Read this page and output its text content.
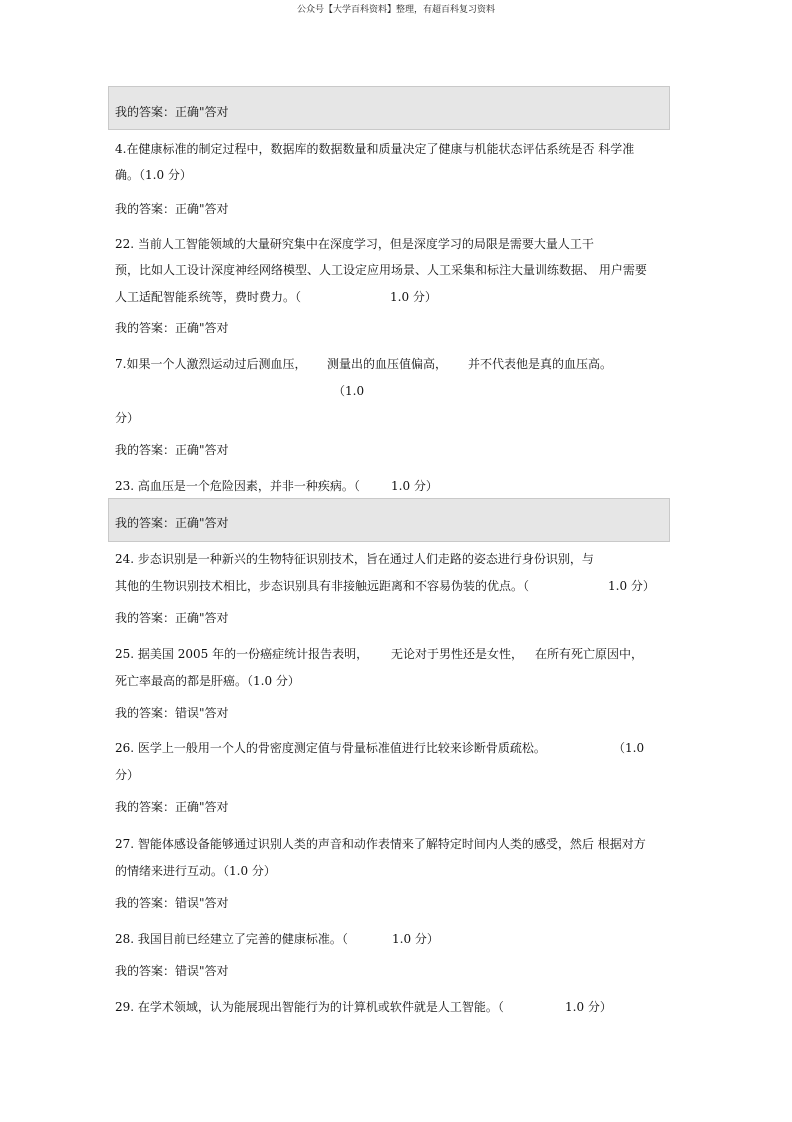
公众号【大学百科资料】整理，有超百科复习资料
我的答案：正确"答对
4.在健康标准的制定过程中，数据库的数据数量和质量决定了健康与机能状态评估系统是否 科学准
确。（1.0 分）
我的答案：正确"答对
22. 当前人工智能领域的大量研究集中在深度学习，但是深度学习的局限是需要大量人工干
预，比如人工设计深度神经网络模型、人工设定应用场景、人工采集和标注大量训练数据、 用户需要
人工适配智能系统等，费时费力。（	1.0 分）
我的答案：正确"答对
7.如果一个人激烈运动过后测血压， 测量出的血压值偏高， 并不代表他是真的血压高。
（1.0
分）
我的答案：正确"答对
23. 高血压是一个危险因素，并非一种疾病。（	1.0 分）
我的答案：正确"答对
24. 步态识别是一种新兴的生物特征识别技术，旨在通过人们走路的姿态进行身份识别，与
其他的生物识别技术相比，步态识别具有非接触远距离和不容易伪装的优点。（	1.0 分）
我的答案：正确"答对
25. 据美国 2005 年的一份癌症统计报告表明， 无论对于男性还是女性， 在所有死亡原因中，
死亡率最高的都是肝癌。（1.0 分）
我的答案：错误"答对
26. 医学上一般用一个人的骨密度测定值与骨量标准值进行比较来诊断骨质疏松。	（1.0
分）
我的答案：正确"答对
27. 智能体感设备能够通过识别人类的声音和动作表情来了解特定时间内人类的感受，然后 根据对方
的情绪来进行互动。（1.0 分）
我的答案：错误"答对
28. 我国目前已经建立了完善的健康标准。（	1.0 分）
我的答案：错误"答对
29. 在学术领域，认为能展现出智能行为的计算机或软件就是人工智能。（	1.0 分）
